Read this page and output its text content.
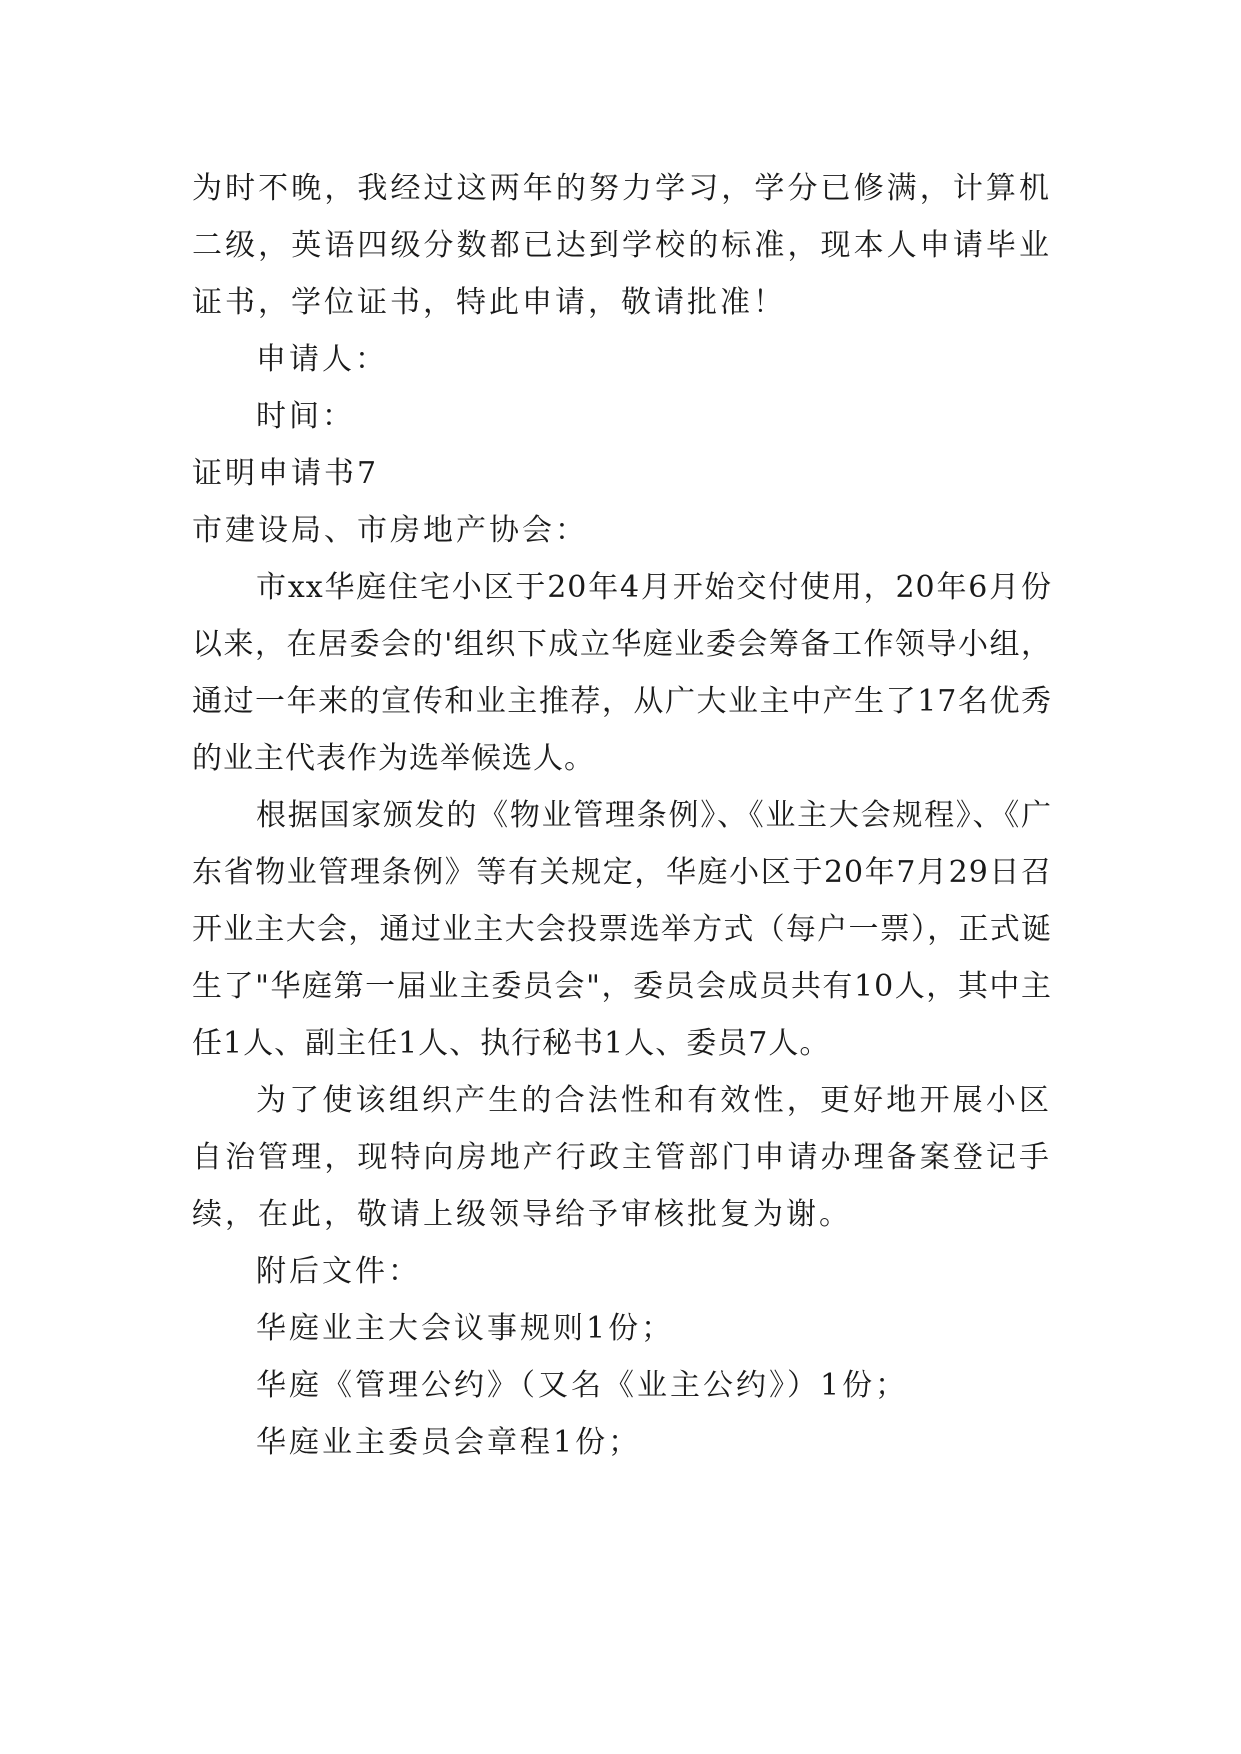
为时不晚，我经过这两年的努力学习，学分已修满，计算机二级，英语四级分数都已达到学校的标准，现本人申请毕业证书，学位证书，特此申请，敬请批准！

申请人：

时间：

证明申请书7

市建设局、市房地产协会：

市xx华庭住宅小区于20年4月开始交付使用，20年6月份以来，在居委会的'组织下成立华庭业委会筹备工作领导小组，通过一年来的宣传和业主推荐，从广大业主中产生了17名优秀的业主代表作为选举候选人。

根据国家颁发的《物业管理条例》、《业主大会规程》、《广东省物业管理条例》等有关规定，华庭小区于20年7月29日召开业主大会，通过业主大会投票选举方式（每户一票），正式诞生了"华庭第一届业主委员会"，委员会成员共有10人，其中主任1人、副主任1人、执行秘书1人、委员7人。

为了使该组织产生的合法性和有效性，更好地开展小区自治管理，现特向房地产行政主管部门申请办理备案登记手续，在此，敬请上级领导给予审核批复为谢。

附后文件：

华庭业主大会议事规则1份；

华庭《管理公约》（又名《业主公约》）1份；

华庭业主委员会章程1份；
